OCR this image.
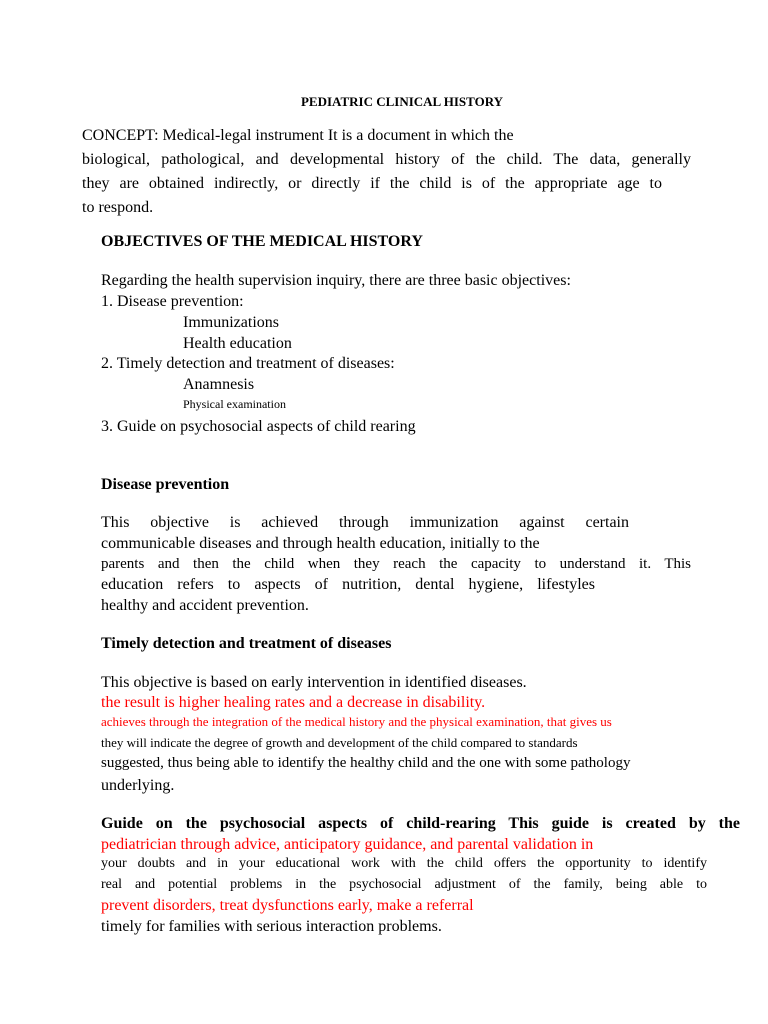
PEDIATRIC CLINICAL HISTORY
CONCEPT: Medical-legal instrument It is a document in which the
biological, pathological, and developmental history of the child. The data, generally
they are obtained indirectly, or directly if the child is of the appropriate age to
to respond.
OBJECTIVES OF THE MEDICAL HISTORY
Regarding the health supervision inquiry, there are three basic objectives:
1. Disease prevention:
Immunizations
Health education
2. Timely detection and treatment of diseases:
Anamnesis
Physical examination
3. Guide on psychosocial aspects of child rearing
Disease prevention
This objective is achieved through immunization against certain
communicable diseases and through health education, initially to the
parents and then the child when they reach the capacity to understand it. This
education refers to aspects of nutrition, dental hygiene, lifestyles
healthy and accident prevention.
Timely detection and treatment of diseases
This objective is based on early intervention in identified diseases.
the result is higher healing rates and a decrease in disability.
achieves through the integration of the medical history and the physical examination, that gives us
they will indicate the degree of growth and development of the child compared to standards
suggested, thus being able to identify the healthy child and the one with some pathology
underlying.
Guide on the psychosocial aspects of child-rearing This guide is created by the
pediatrician through advice, anticipatory guidance, and parental validation in
your doubts and in your educational work with the child offers the opportunity to identify
real and potential problems in the psychosocial adjustment of the family, being able to
prevent disorders, treat dysfunctions early, make a referral
timely for families with serious interaction problems.
